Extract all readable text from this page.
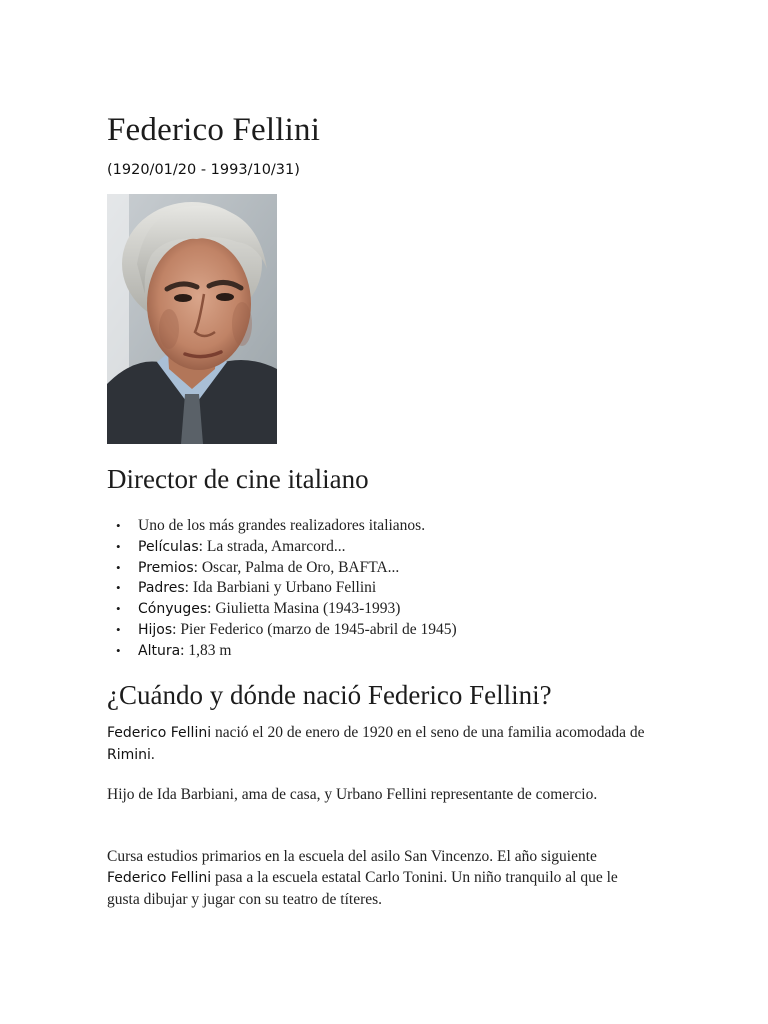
Federico Fellini
(1920/01/20 - 1993/10/31)
Director de cine italiano
• Uno de los más grandes realizadores italianos.
• Películas: La strada, Amarcord...
• Premios: Oscar, Palma de Oro, BAFTA...
• Padres: Ida Barbiani y Urbano Fellini
• Cónyuges: Giulietta Masina (1943-1993)
• Hijos: Pier Federico (marzo de 1945-abril de 1945)
• Altura: 1,83 m
¿Cuándo y dónde nació Federico Fellini?

Federico Fellini nació el 20 de enero de 1920 en el seno de una familia acomodada de Rimini.

Hijo de Ida Barbiani, ama de casa, y Urbano Fellini representante de comercio.

Cursa estudios primarios en la escuela del asilo San Vincenzo. El año siguiente Federico Fellini pasa a la escuela estatal Carlo Tonini. Un niño tranquilo al que le gusta dibujar y jugar con su teatro de títeres.
